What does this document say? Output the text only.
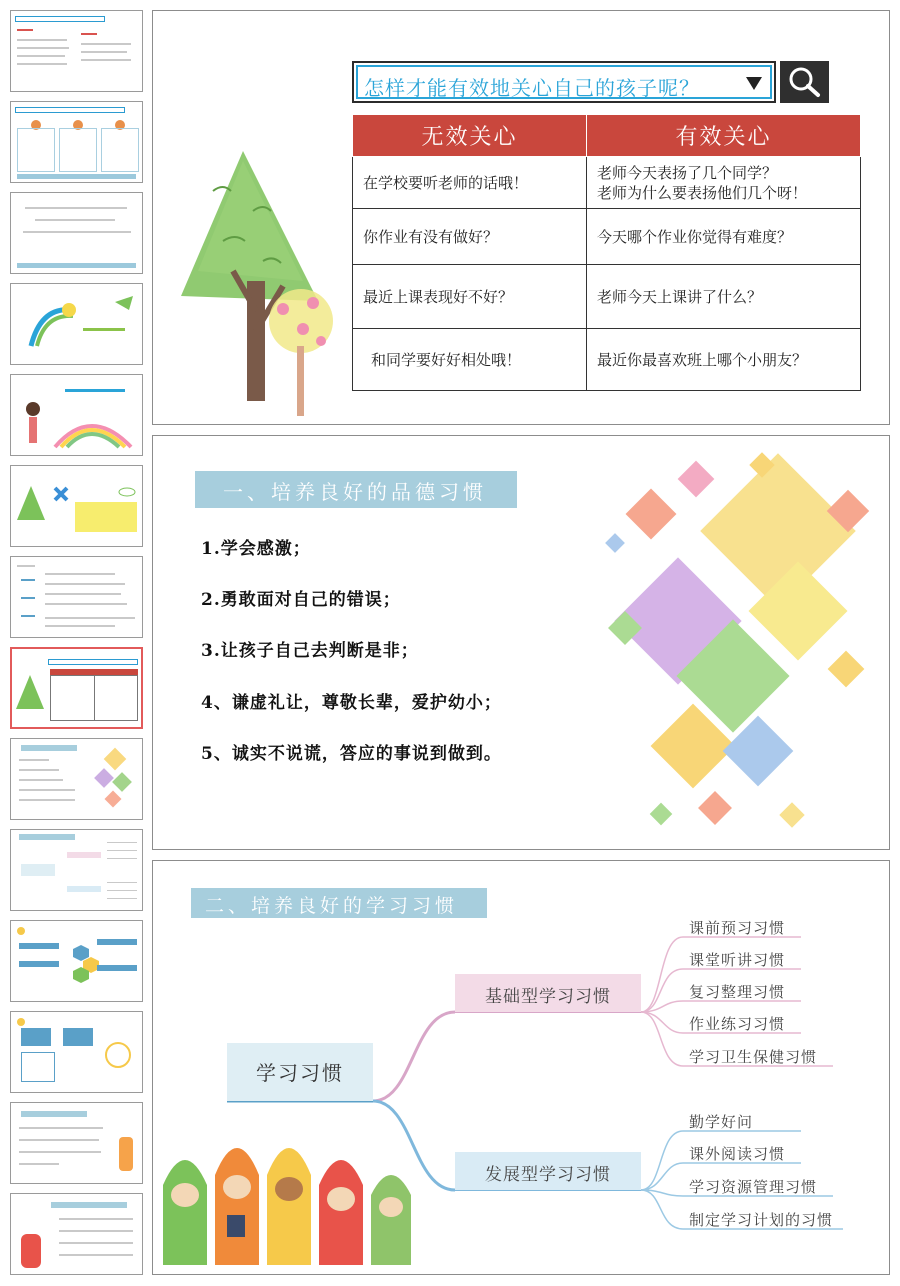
怎样才能有效地关心自己的孩子呢？
无效关心	有效关心
在学校要听老师的话哦！	老师今天表扬了几个同学？
老师为什么要表扬他们几个呀！

你作业有没有做好？	今天哪个作业你觉得有难度？
最近上课表现好不好？	老师今天上课讲了什么？
和同学要好好相处哦！	最近你最喜欢班上哪个小朋友？
一、培养良好的品德习惯
1.学会感激；
2.勇敢面对自己的错误；
3.让孩子自己去判断是非；
4、谦虚礼让，尊敬长辈，爱护幼小；
5、诚实不说谎，答应的事说到做到。
二、培养良好的学习习惯
学习习惯
基础型学习习惯
发展型学习习惯
课前预习习惯
课堂听讲习惯
复习整理习惯
作业练习习惯
学习卫生保健习惯
勤学好问
课外阅读习惯
学习资源管理习惯
制定学习计划的习惯
